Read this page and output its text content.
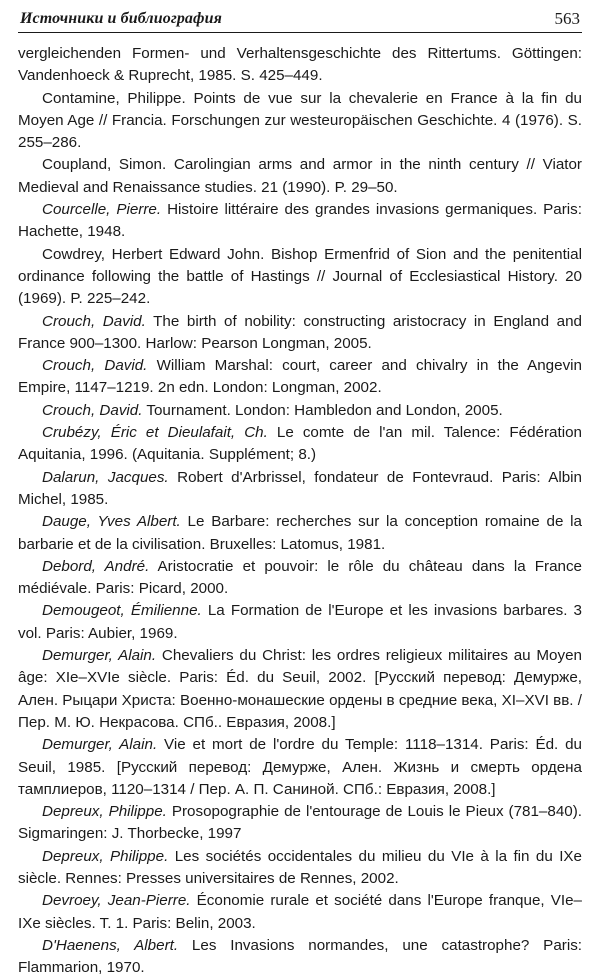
Источники и библиография	563

vergleichenden Formen- und Verhaltensgeschichte des Rittertums. Göttingen: Vandenhoeck & Ruprecht, 1985. S. 425–449.

Contamine, Philippe. Points de vue sur la chevalerie en France à la fin du Moyen Age // Francia. Forschungen zur westeuropäischen Geschichte. 4 (1976). S. 255–286.

Coupland, Simon. Carolingian arms and armor in the ninth century // Viator Medieval and Renaissance studies. 21 (1990). P. 29–50.

Courcelle, Pierre. Histoire littéraire des grandes invasions germaniques. Paris: Hachette, 1948.

Cowdrey, Herbert Edward John. Bishop Ermenfrid of Sion and the penitential ordinance following the battle of Hastings // Journal of Ecclesiastical History. 20 (1969). P. 225–242.

Crouch, David. The birth of nobility: constructing aristocracy in England and France 900–1300. Harlow: Pearson Longman, 2005.

Crouch, David. William Marshal: court, career and chivalry in the Angevin Empire, 1147–1219. 2n edn. London: Longman, 2002.

Crouch, David. Tournament. London: Hambledon and London, 2005.

Crubézy, Éric et Dieulafait, Ch. Le comte de l'an mil. Talence: Fédération Aquitania, 1996. (Aquitania. Supplément; 8.)

Dalarun, Jacques. Robert d'Arbrissel, fondateur de Fontevraud. Paris: Albin Michel, 1985.

Dauge, Yves Albert. Le Barbare: recherches sur la conception romaine de la barbarie et de la civilisation. Bruxelles: Latomus, 1981.

Debord, André. Aristocratie et pouvoir: le rôle du château dans la France médiévale. Paris: Picard, 2000.

Demougeot, Émilienne. La Formation de l'Europe et les invasions barbares. 3 vol. Paris: Aubier, 1969.

Demurger, Alain. Chevaliers du Christ: les ordres religieux militaires au Moyen âge: XIe–XVIe siècle. Paris: Éd. du Seuil, 2002. [Русский перевод: Демурже, Ален. Рыцари Христа: Военно-монашеские ордены в средние века, XI–XVI вв. / Пер. М. Ю. Некрасова. СПб.. Евразия, 2008.]

Demurger, Alain. Vie et mort de l'ordre du Temple: 1118–1314. Paris: Éd. du Seuil, 1985. [Русский перевод: Демурже, Ален. Жизнь и смерть ордена тамплиеров, 1120–1314 / Пер. А. П. Саниной. СПб.: Евразия, 2008.]

Depreux, Philippe. Prosopographie de l'entourage de Louis le Pieux (781–840). Sigmaringen: J. Thorbecke, 1997

Depreux, Philippe. Les sociétés occidentales du milieu du VIe à la fin du IXe siècle. Rennes: Presses universitaires de Rennes, 2002.

Devroey, Jean-Pierre. Économie rurale et société dans l'Europe franque, VIe–IXe siècles. T. 1. Paris: Belin, 2003.

D'Haenens, Albert. Les Invasions normandes, une catastrophe? Paris: Flammarion, 1970.
